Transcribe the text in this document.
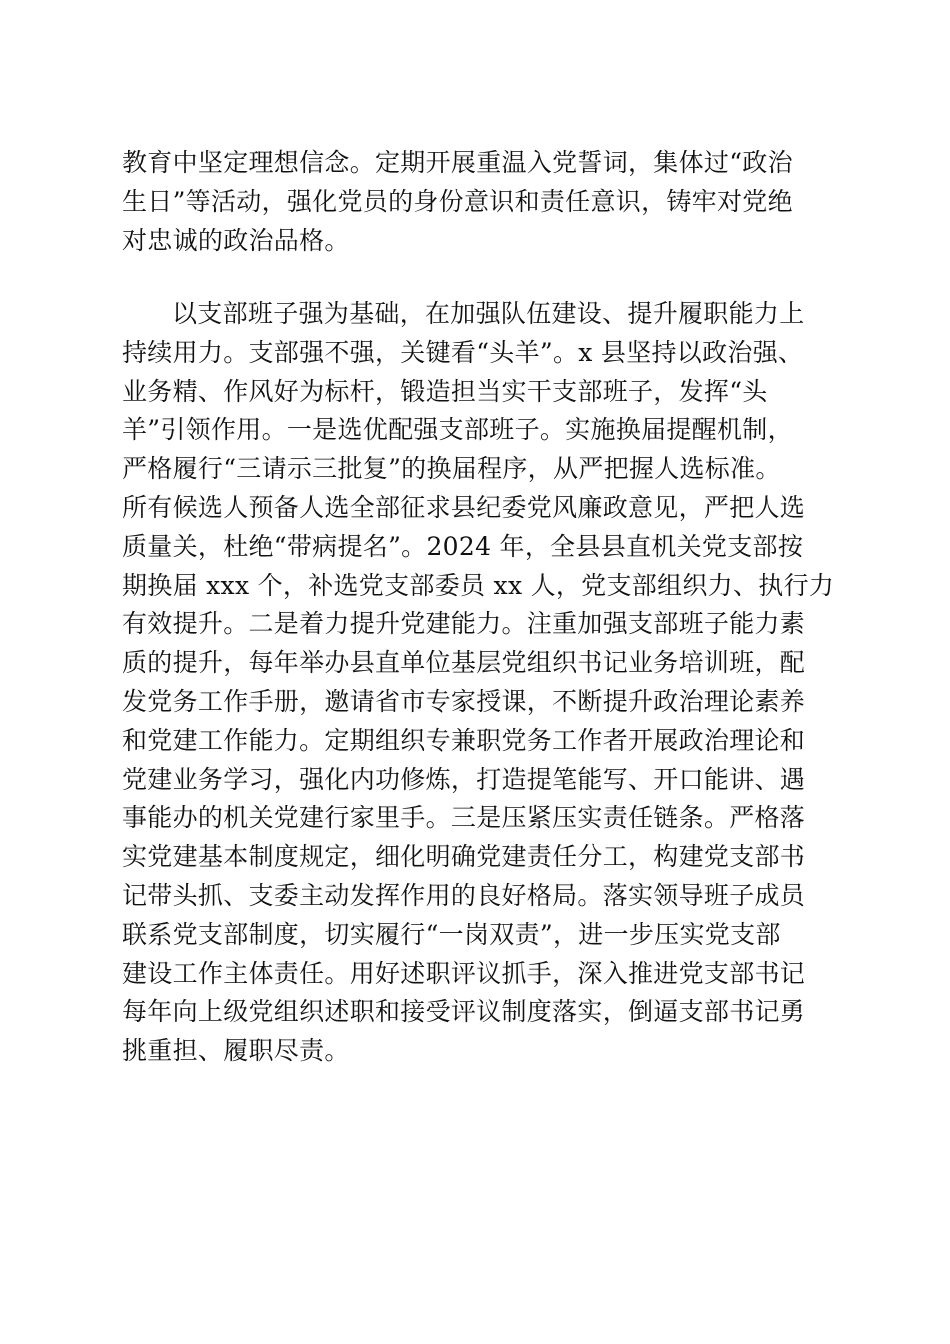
教育中坚定理想信念。定期开展重温入党誓词，集体过“政治
生日”等活动，强化党员的身份意识和责任意识，铸牢对党绝
对忠诚的政治品格。
以支部班子强为基础，在加强队伍建设、提升履职能力上
持续用力。支部强不强，关键看“头羊”。x 县坚持以政治强、
业务精、作风好为标杆，锻造担当实干支部班子，发挥“头
羊”引领作用。一是选优配强支部班子。实施换届提醒机制，
严格履行“三请示三批复”的换届程序，从严把握人选标准。
所有候选人预备人选全部征求县纪委党风廉政意见，严把人选
质量关，杜绝“带病提名”。2024 年，全县县直机关党支部按
期换届 xxx 个，补选党支部委员 xx 人，党支部组织力、执行力
有效提升。二是着力提升党建能力。注重加强支部班子能力素
质的提升，每年举办县直单位基层党组织书记业务培训班，配
发党务工作手册，邀请省市专家授课，不断提升政治理论素养
和党建工作能力。定期组织专兼职党务工作者开展政治理论和
党建业务学习，强化内功修炼，打造提笔能写、开口能讲、遇
事能办的机关党建行家里手。三是压紧压实责任链条。严格落
实党建基本制度规定，细化明确党建责任分工，构建党支部书
记带头抓、支委主动发挥作用的良好格局。落实领导班子成员
联系党支部制度，切实履行“一岗双责”，进一步压实党支部
建设工作主体责任。用好述职评议抓手，深入推进党支部书记
每年向上级党组织述职和接受评议制度落实，倒逼支部书记勇
挑重担、履职尽责。
